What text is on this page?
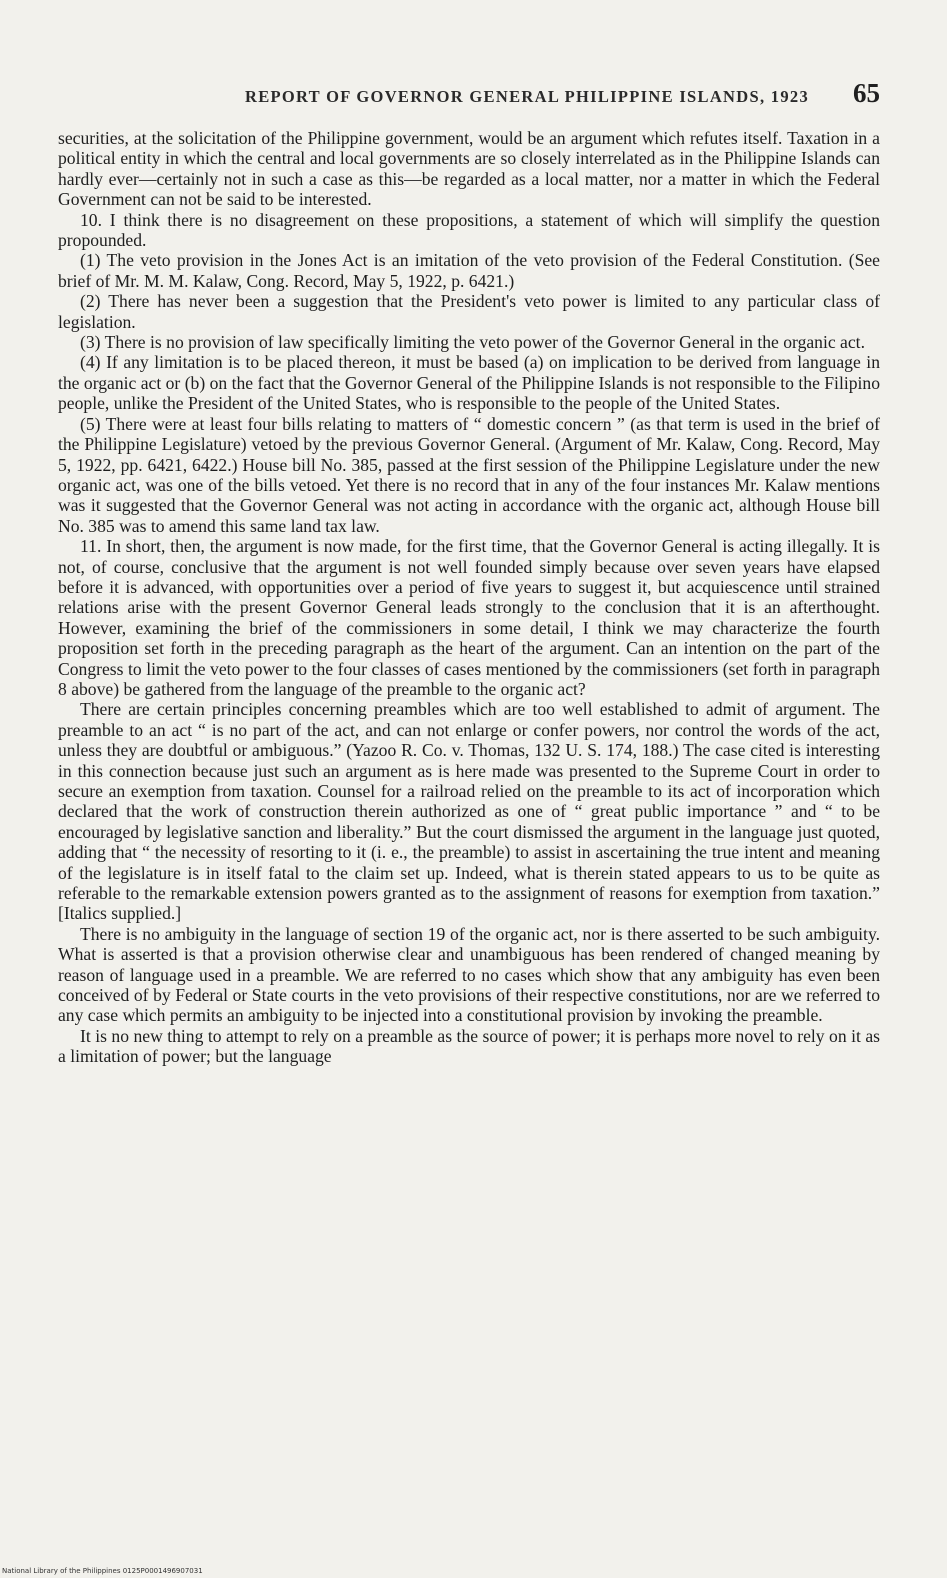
REPORT OF GOVERNOR GENERAL PHILIPPINE ISLANDS, 1923 65

securities, at the solicitation of the Philippine government, would be an argument which refutes itself. Taxation in a political entity in which the central and local governments are so closely interrelated as in the Philippine Islands can hardly ever—certainly not in such a case as this—be regarded as a local matter, nor a matter in which the Federal Government can not be said to be interested.

10. I think there is no disagreement on these propositions, a statement of which will simplify the question propounded.

(1) The veto provision in the Jones Act is an imitation of the veto provision of the Federal Constitution. (See brief of Mr. M. M. Kalaw, Cong. Record, May 5, 1922, p. 6421.)

(2) There has never been a suggestion that the President's veto power is limited to any particular class of legislation.

(3) There is no provision of law specifically limiting the veto power of the Governor General in the organic act.

(4) If any limitation is to be placed thereon, it must be based (a) on implication to be derived from language in the organic act or (b) on the fact that the Governor General of the Philippine Islands is not responsible to the Filipino people, unlike the President of the United States, who is responsible to the people of the United States.

(5) There were at least four bills relating to matters of “ domestic concern ” (as that term is used in the brief of the Philippine Legislature) vetoed by the previous Governor General. (Argument of Mr. Kalaw, Cong. Record, May 5, 1922, pp. 6421, 6422.) House bill No. 385, passed at the first session of the Philippine Legislature under the new organic act, was one of the bills vetoed. Yet there is no record that in any of the four instances Mr. Kalaw mentions was it suggested that the Governor General was not acting in accordance with the organic act, although House bill No. 385 was to amend this same land tax law.

11. In short, then, the argument is now made, for the first time, that the Governor General is acting illegally. It is not, of course, conclusive that the argument is not well founded simply because over seven years have elapsed before it is advanced, with opportunities over a period of five years to suggest it, but acquiescence until strained relations arise with the present Governor General leads strongly to the conclusion that it is an afterthought. However, examining the brief of the commissioners in some detail, I think we may characterize the fourth proposition set forth in the preceding paragraph as the heart of the argument. Can an intention on the part of the Congress to limit the veto power to the four classes of cases mentioned by the commissioners (set forth in paragraph 8 above) be gathered from the language of the preamble to the organic act?

There are certain principles concerning preambles which are too well established to admit of argument. The preamble to an act “ is no part of the act, and can not enlarge or confer powers, nor control the words of the act, unless they are doubtful or ambiguous.” (Yazoo R. Co. v. Thomas, 132 U. S. 174, 188.) The case cited is interesting in this connection because just such an argument as is here made was presented to the Supreme Court in order to secure an exemption from taxation. Counsel for a railroad relied on the preamble to its act of incorporation which declared that the work of construction therein authorized as one of “ great public importance ” and “ to be encouraged by legislative sanction and liberality.” But the court dismissed the argument in the language just quoted, adding that “ the necessity of resorting to it (i. e., the preamble) to assist in ascertaining the true intent and meaning of the legislature is in itself fatal to the claim set up. Indeed, what is therein stated appears to us to be quite as referable to the remarkable extension powers granted as to the assignment of reasons for exemption from taxation.” [Italics supplied.]

There is no ambiguity in the language of section 19 of the organic act, nor is there asserted to be such ambiguity. What is asserted is that a provision otherwise clear and unambiguous has been rendered of changed meaning by reason of language used in a preamble. We are referred to no cases which show that any ambiguity has even been conceived of by Federal or State courts in the veto provisions of their respective constitutions, nor are we referred to any case which permits an ambiguity to be injected into a constitutional provision by invoking the preamble.

It is no new thing to attempt to rely on a preamble as the source of power; it is perhaps more novel to rely on it as a limitation of power; but the language

National Library of the Philippines 0125P0001496907031
